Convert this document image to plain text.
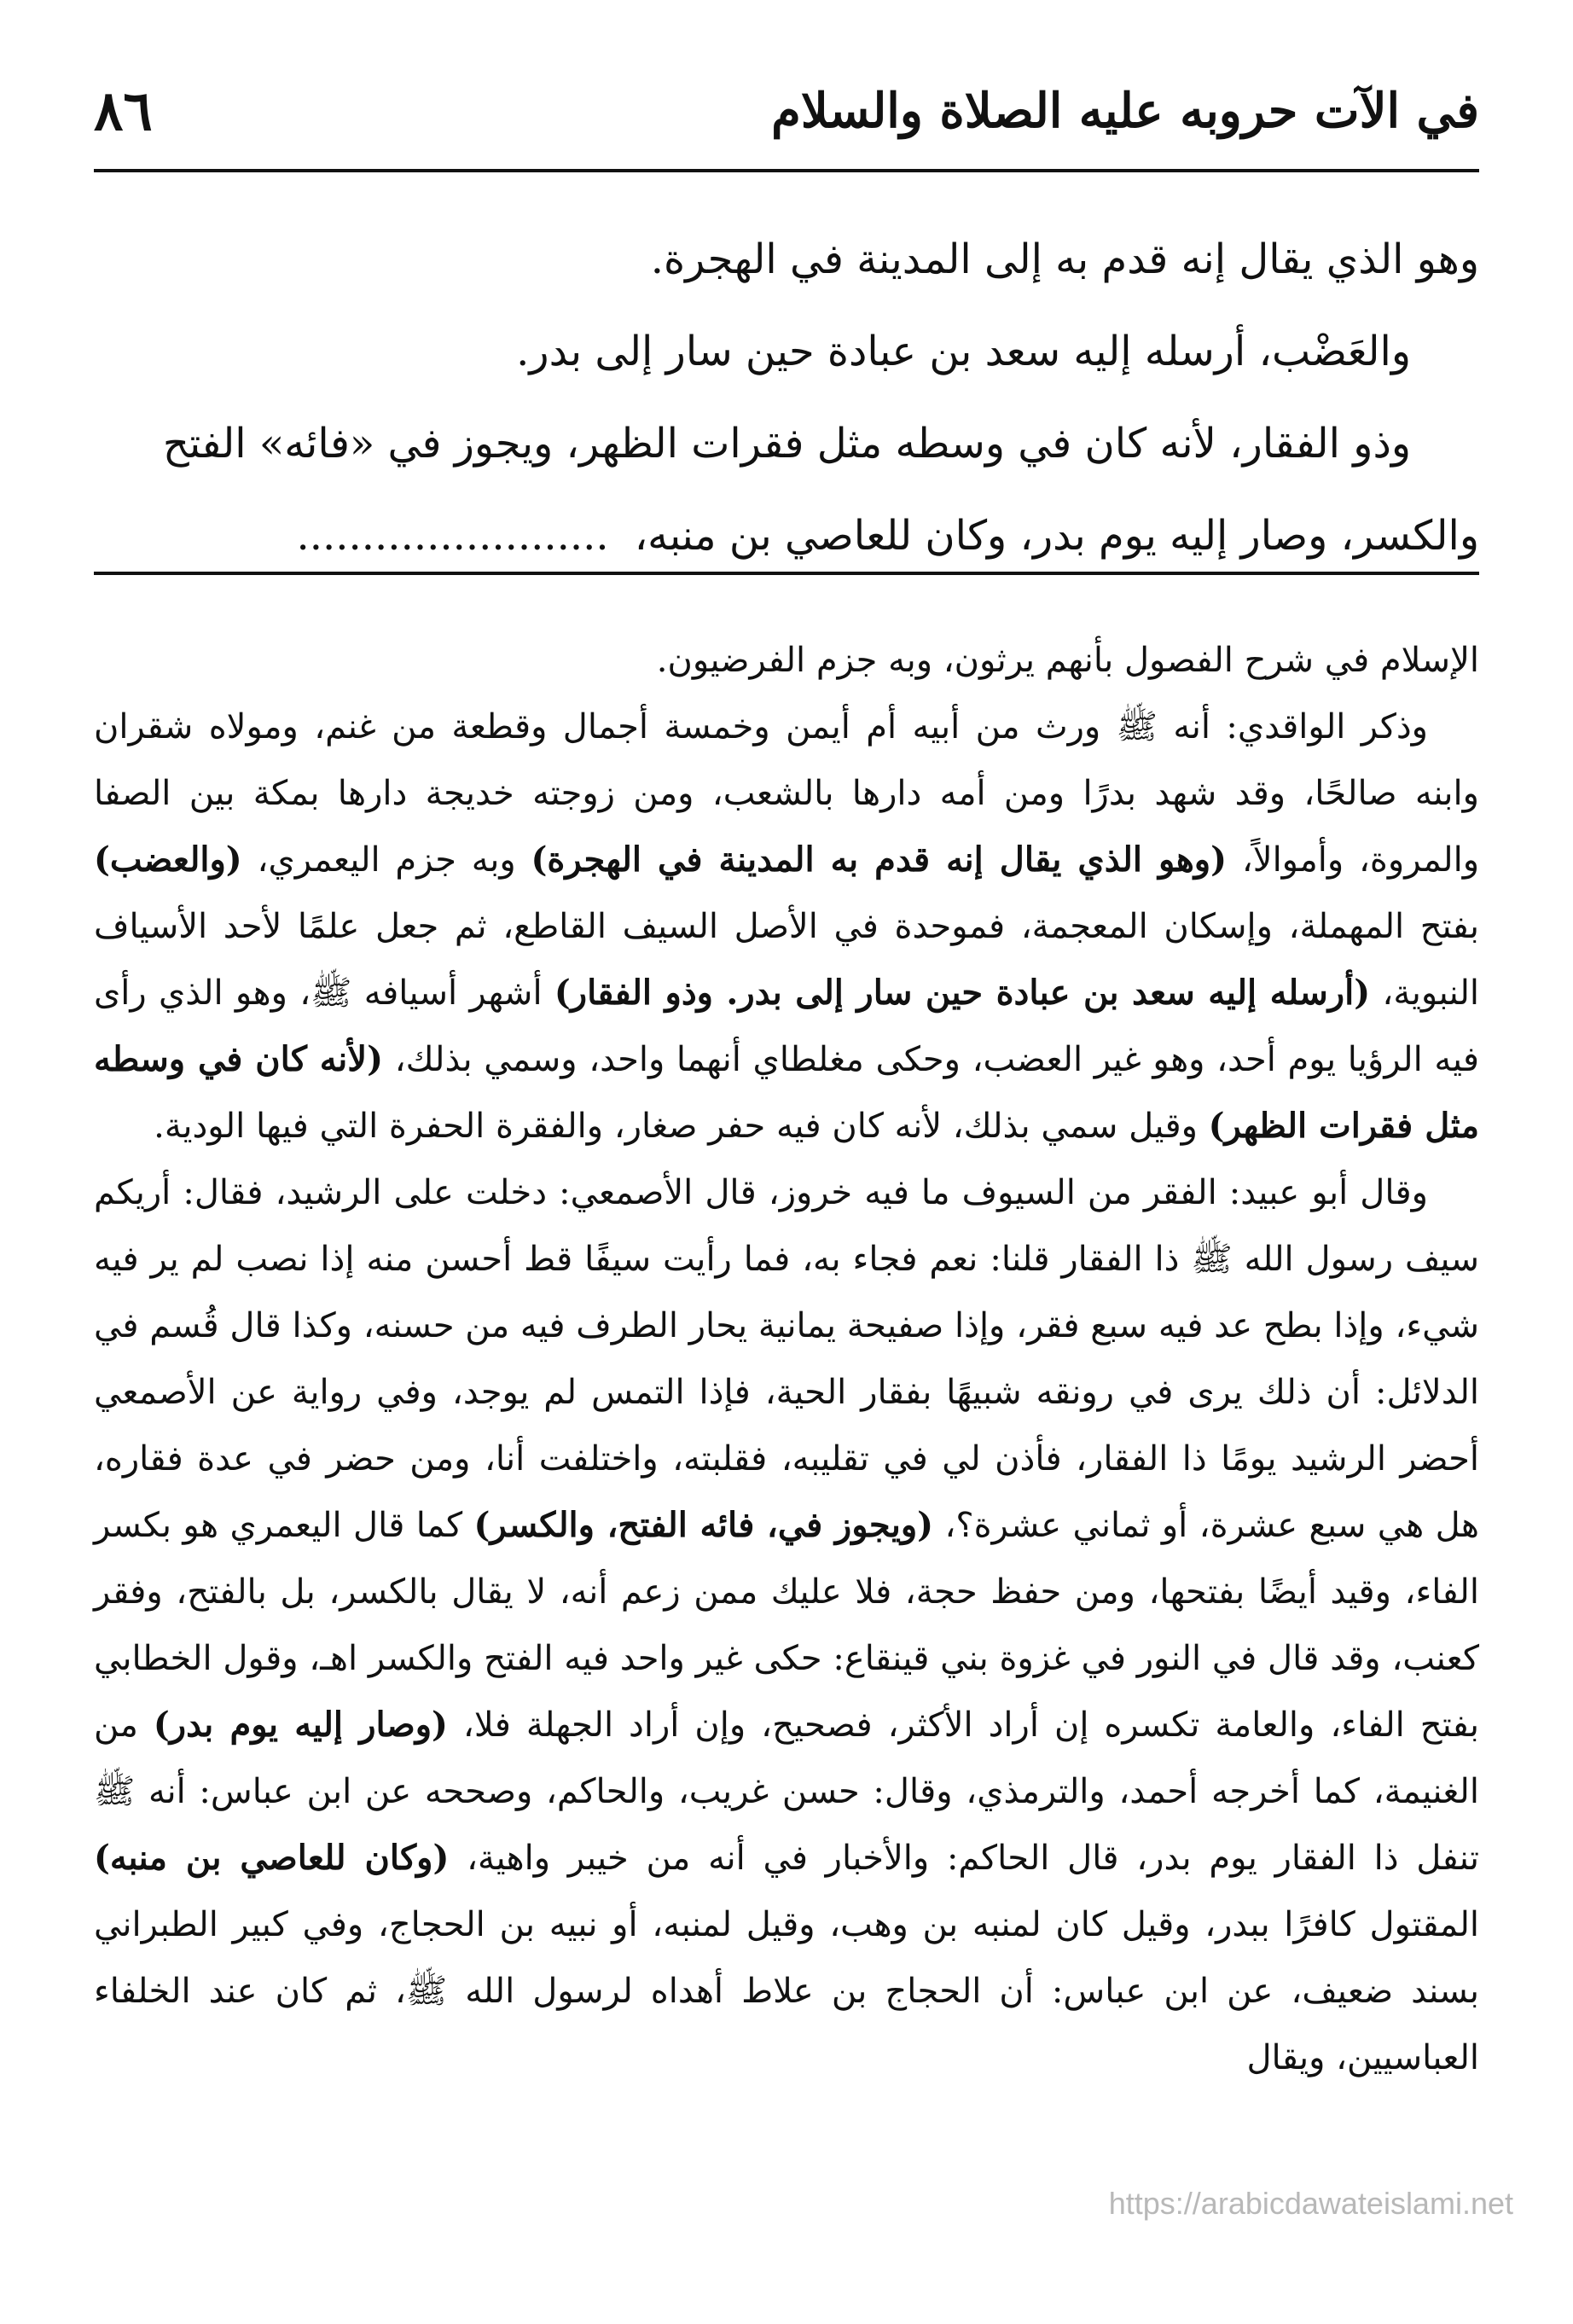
في الآت حروبه عليه الصلاة والسلام
٨٦

وهو الذي يقال إنه قدم به إلى المدينة في الهجرة.

والعَضْب، أرسله إليه سعد بن عبادة حين سار إلى بدر.

وذو الفقار، لأنه كان في وسطه مثل فقرات الظهر، ويجوز في «فائه» الفتح

والكسر، وصار إليه يوم بدر، وكان للعاصي بن منبه،........................

الإسلام في شرح الفصول بأنهم يرثون، وبه جزم الفرضيون.

وذكر الواقدي: أنه ﷺ ورث من أبيه أم أيمن وخمسة أجمال وقطعة من غنم، ومولاه شقران وابنه صالحًا، وقد شهد بدرًا ومن أمه دارها بالشعب، ومن زوجته خديجة دارها بمكة بين الصفا والمروة، وأموالاً، (وهو الذي يقال إنه قدم به المدينة في الهجرة) وبه جزم اليعمري، (والعضب) بفتح المهملة، وإسكان المعجمة، فموحدة في الأصل السيف القاطع، ثم جعل علمًا لأحد الأسياف النبوية، (أرسله إليه سعد بن عبادة حين سار إلى بدر. وذو الفقار) أشهر أسيافه ﷺ، وهو الذي رأى فيه الرؤيا يوم أحد، وهو غير العضب، وحكى مغلطاي أنهما واحد، وسمي بذلك، (لأنه كان في وسطه مثل فقرات الظهر) وقيل سمي بذلك، لأنه كان فيه حفر صغار، والفقرة الحفرة التي فيها الودية.

وقال أبو عبيد: الفقر من السيوف ما فيه خروز، قال الأصمعي: دخلت على الرشيد، فقال: أريكم سيف رسول الله ﷺ ذا الفقار قلنا: نعم فجاء به، فما رأيت سيفًا قط أحسن منه إذا نصب لم ير فيه شيء، وإذا بطح عد فيه سبع فقر، وإذا صفيحة يمانية يحار الطرف فيه من حسنه، وكذا قال قُسم في الدلائل: أن ذلك يرى في رونقه شبيهًا بفقار الحية، فإذا التمس لم يوجد، وفي رواية عن الأصمعي أحضر الرشيد يومًا ذا الفقار، فأذن لي في تقليبه، فقلبته، واختلفت أنا، ومن حضر في عدة فقاره، هل هي سبع عشرة، أو ثماني عشرة؟، (ويجوز في، فائه الفتح، والكسر) كما قال اليعمري هو بكسر الفاء، وقيد أيضًا بفتحها، ومن حفظ حجة، فلا عليك ممن زعم أنه، لا يقال بالكسر، بل بالفتح، وفقر كعنب، وقد قال في النور في غزوة بني قينقاع: حكى غير واحد فيه الفتح والكسر اهـ، وقول الخطابي بفتح الفاء، والعامة تكسره إن أراد الأكثر، فصحيح، وإن أراد الجهلة فلا، (وصار إليه يوم بدر) من الغنيمة، كما أخرجه أحمد، والترمذي، وقال: حسن غريب، والحاكم، وصححه عن ابن عباس: أنه ﷺ تنفل ذا الفقار يوم بدر، قال الحاكم: والأخبار في أنه من خيبر واهية، (وكان للعاصي بن منبه) المقتول كافرًا ببدر، وقيل كان لمنبه بن وهب، وقيل لمنبه، أو نبيه بن الحجاج، وفي كبير الطبراني بسند ضعيف، عن ابن عباس: أن الحجاج بن علاط أهداه لرسول الله ﷺ، ثم كان عند الخلفاء العباسيين، ويقال

https://arabicdawateislami.net
